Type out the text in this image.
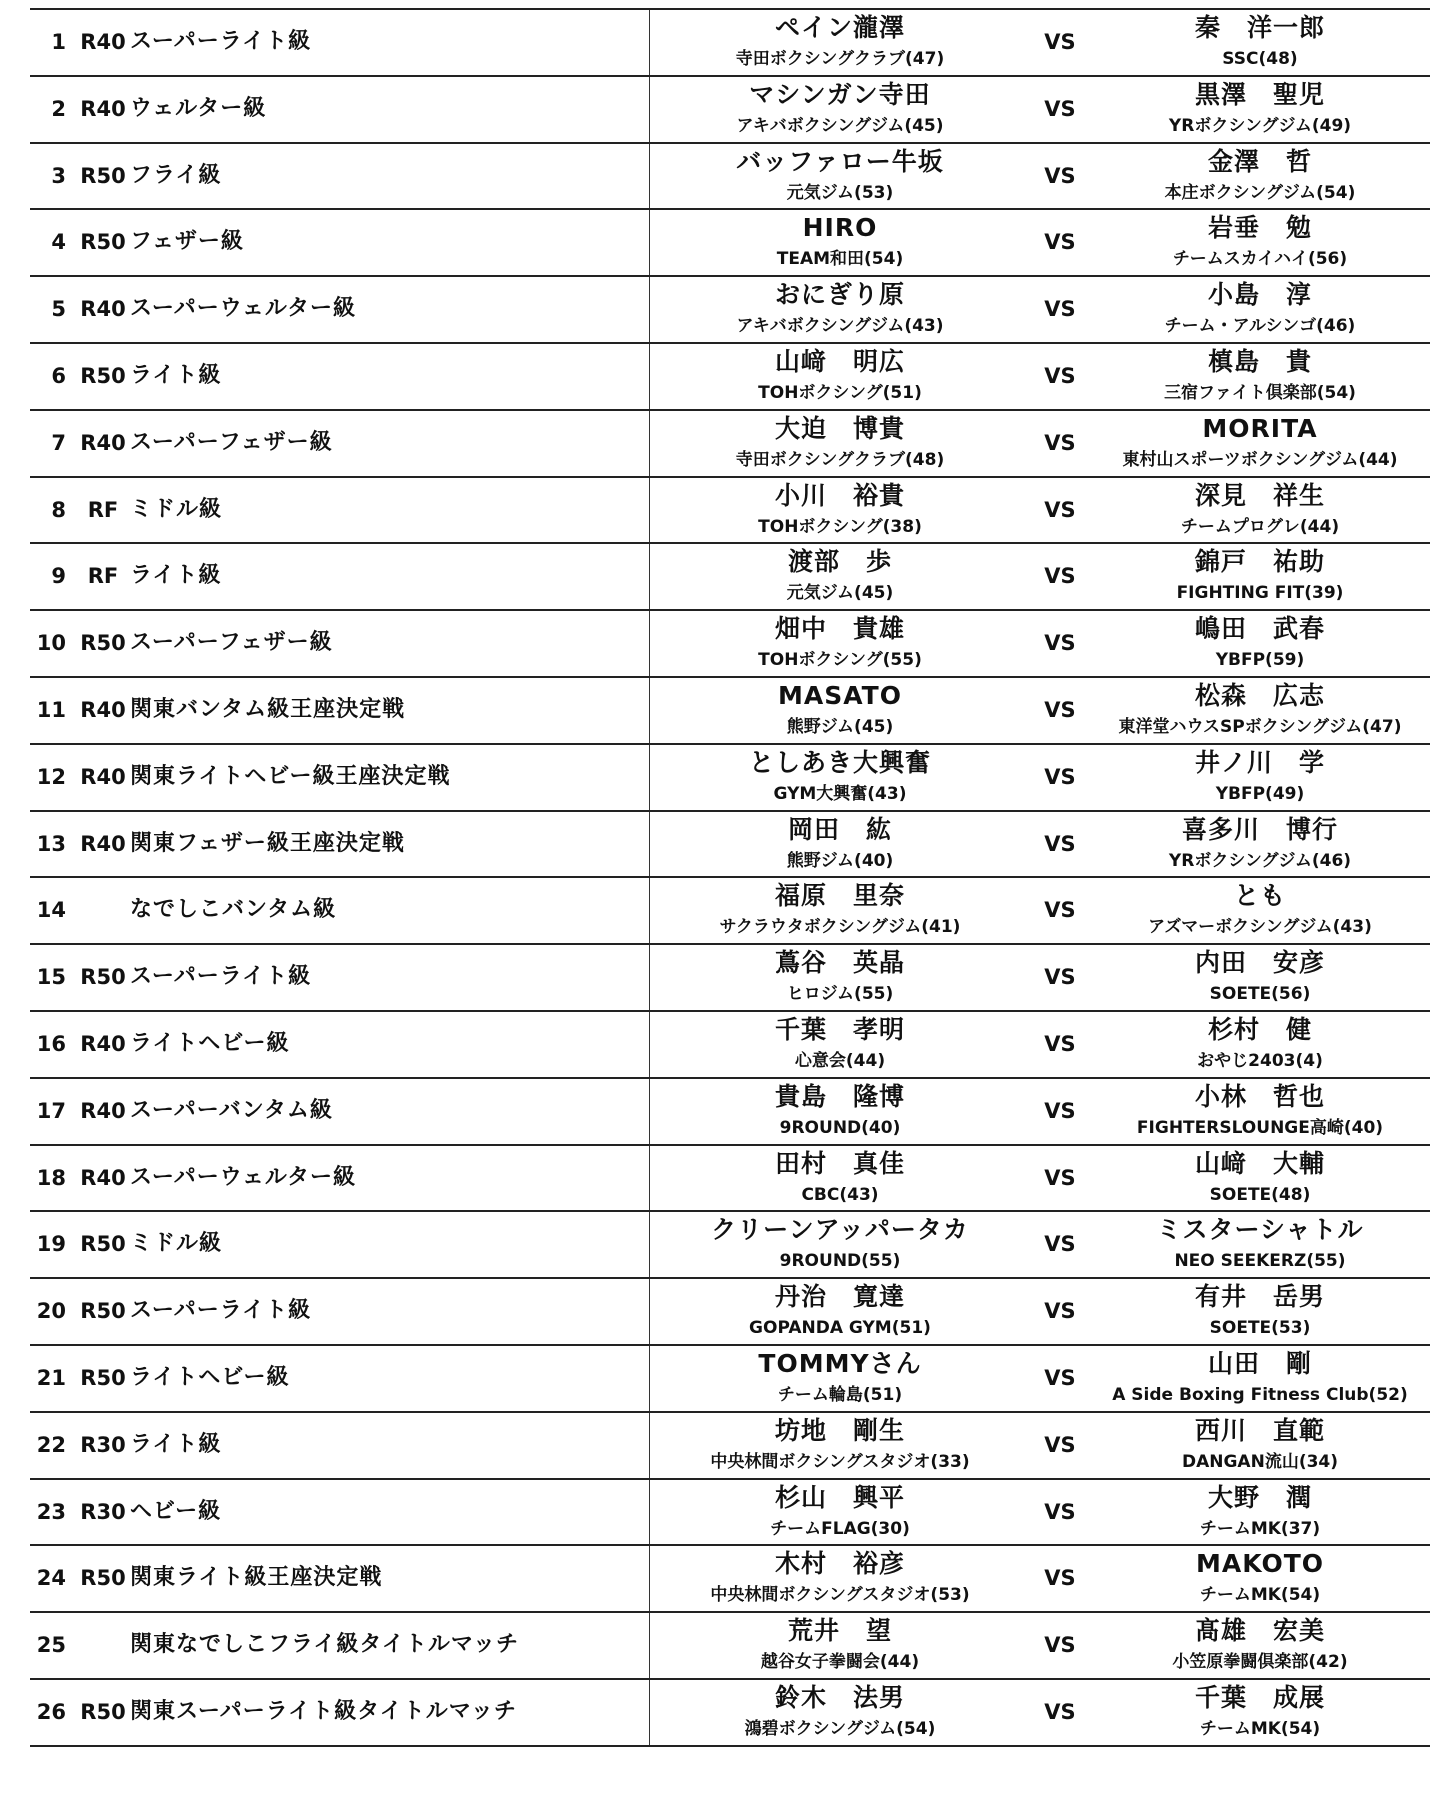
1 R40 スーパーライト級	ペイン瀧澤
寺田ボクシングクラブ(47)
VS	秦　洋一郎
SSC(48)
2 R40 ウェルター級	マシンガン寺田
アキバボクシングジム(45)
VS	黒澤　聖児
YRボクシングジム(49)
3 R50 フライ級	バッファロー牛坂
元気ジム(53)
VS	金澤　哲
本庄ボクシングジム(54)
4 R50 フェザー級	HIRO
TEAM和田(54)
VS	岩垂　勉
チームスカイハイ(56)
5 R40 スーパーウェルター級	おにぎり原
アキバボクシングジム(43)
VS	小島　淳
チーム・アルシンゴ(46)
6 R50 ライト級	山﨑　明広
TOHボクシング(51)
VS	槙島　貴
三宿ファイト倶楽部(54)
7 R40 スーパーフェザー級	大迫　博貴
寺田ボクシングクラブ(48)
VS	MORITA
東村山スポーツボクシングジム(44)
8	RF ミドル級	小川　裕貴
TOHボクシング(38)
VS	深見　祥生
チームプログレ(44)
9	RF ライト級	渡部　歩
元気ジム(45)
VS	錦戸　祐助
FIGHTING FIT(39)
10 R50 スーパーフェザー級	畑中　貴雄
TOHボクシング(55)
VS	嶋田　武春
YBFP(59)
11 R40 関東バンタム級王座決定戦	MASATO
熊野ジム(45)
VS	松森　広志
東洋堂ハウスSPボクシングジム(47)
12 R40 関東ライトヘビー級王座決定戦	としあき大興奮
GYM大興奮(43)
VS	井ノ川　学
YBFP(49)
13 R40 関東フェザー級王座決定戦	岡田　紘
熊野ジム(40)
VS	喜多川　博行
YRボクシングジム(46)
14	なでしこバンタム級	福原　里奈
サクラウタボクシングジム(41)
VS	とも
アズマーボクシングジム(43)
15 R50 スーパーライト級	蔦谷　英晶
ヒロジム(55)
VS	内田　安彦
SOETE(56)
16 R40 ライトヘビー級	千葉　孝明
心意会(44)
VS	杉村　健
おやじ2403(4)
17 R40 スーパーバンタム級	貴島　隆博
9ROUND(40)
VS	小林　哲也
FIGHTERSLOUNGE高崎(40)
18 R40 スーパーウェルター級	田村　真佳
CBC(43)
VS	山﨑　大輔
SOETE(48)
19 R50 ミドル級	クリーンアッパータカ
9ROUND(55)
VS	ミスターシャトル
NEO SEEKERZ(55)
20 R50 スーパーライト級	丹治　寛達
GOPANDA GYM(51)
VS	有井　岳男
SOETE(53)
21 R50 ライトヘビー級	TOMMYさん
チーム輪島(51)
VS	山田　剛
A Side Boxing Fitness Club(52)
22 R30 ライト級	坊地　剛生
中央林間ボクシングスタジオ(33)
VS	西川　直範
DANGAN流山(34)
23 R30 ヘビー級	杉山　興平
チームFLAG(30)
VS	大野　潤
チームMK(37)
24 R50 関東ライト級王座決定戦	木村　裕彦
中央林間ボクシングスタジオ(53)
VS	MAKOTO
チームMK(54)
25	関東なでしこフライ級タイトルマッチ	荒井　望
越谷女子拳闘会(44)
VS	髙雄　宏美
小笠原拳闘倶楽部(42)
26 R50 関東スーパーライト級タイトルマッチ	鈴木　法男
鴻碧ボクシングジム(54)
VS	千葉　成展
チームMK(54)
